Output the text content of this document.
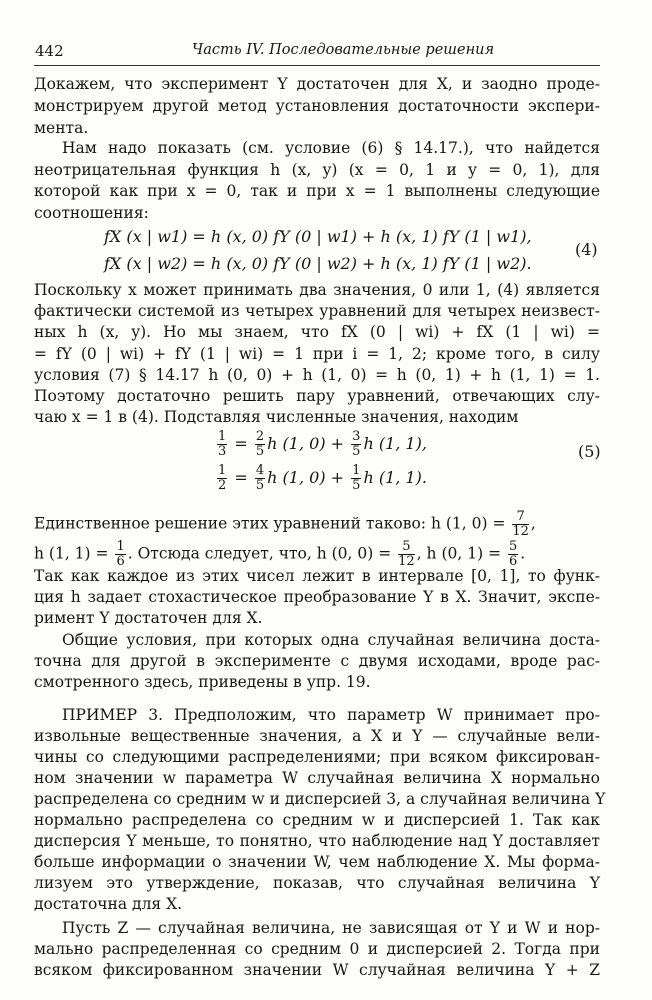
442	Часть IV. Последовательные решения
Докажем, что эксперимент Y достаточен для X, и заодно проде-
монстрируем другой метод установления достаточности экспери-
мента.
Нам надо показать (см. условие (6) § 14.17.), что найдется
неотрицательная функция h (x, y) (x = 0, 1 и y = 0, 1), для
которой как при x = 0, так и при x = 1 выполнены следующие
соотношения:
fX (x | w1) = h (x, 0) fY (0 | w1) + h (x, 1) fY (1 | w1),
fX (x | w2) = h (x, 0) fY (0 | w2) + h (x, 1) fY (1 | w2).
(4)
Поскольку x может принимать два значения, 0 или 1, (4) является
фактически системой из четырех уравнений для четырех неизвест-
ных h (x, y). Но мы знаем, что fX (0 | wi) + fX (1 | wi) =
= fY (0 | wi) + fY (1 | wi) = 1 при i = 1, 2; кроме того, в силу
условия (7) § 14.17 h (0, 0) + h (1, 0) = h (0, 1) + h (1, 1) = 1.
Поэтому достаточно решить пару уравнений, отвечающих слу-
чаю x = 1 в (4). Подставляя численные значения, находим
$\frac{1}{3} = \frac{2}{5}$ h (1, $0) + \frac{3}{5}$ h (1, 1),	(5)
$\frac{1}{2} = \frac{4}{5}$ h (1, $0) + \frac{1}{5}$ h (1, 1).
Единственное решение этих уравнений таково: h (1, $0) = \frac{7}{12}$ ,
h (1, $1) = \frac{1}{6}$ . Отсюда следует, что, h (0, $0) = \frac{5}{12}$ , h (0, $1) = \frac{5}{6}$ .
Так как каждое из этих чисел лежит в интервале [0, 1], то функ-
ция h задает стохастическое преобразование Y в X. Значит, экспе-
римент Y достаточен для X.
Общие условия, при которых одна случайная величина доста-
точна для другой в эксперименте с двумя исходами, вроде рас-
смотренного здесь, приведены в упр. 19.
ПРИМЕР 3. Предположим, что параметр W принимает про-
извольные вещественные значения, а X и Y — случайные вели-
чины со следующими распределениями; при всяком фиксирован-
ном значении w параметра W случайная величина X нормально
распределена со средним w и дисперсией 3, а случайная величина Y
нормально распределена со средним w и дисперсией 1. Так как
дисперсия Y меньше, то понятно, что наблюдение над Y доставляет
больше информации о значении W, чем наблюдение X. Мы форма-
лизуем это утверждение, показав, что случайная величина Y
достаточна для X.
Пусть Z — случайная величина, не зависящая от Y и W и нор-
мально распределенная со средним 0 и дисперсией 2. Тогда при
всяком фиксированном значении W случайная величина Y + Z
